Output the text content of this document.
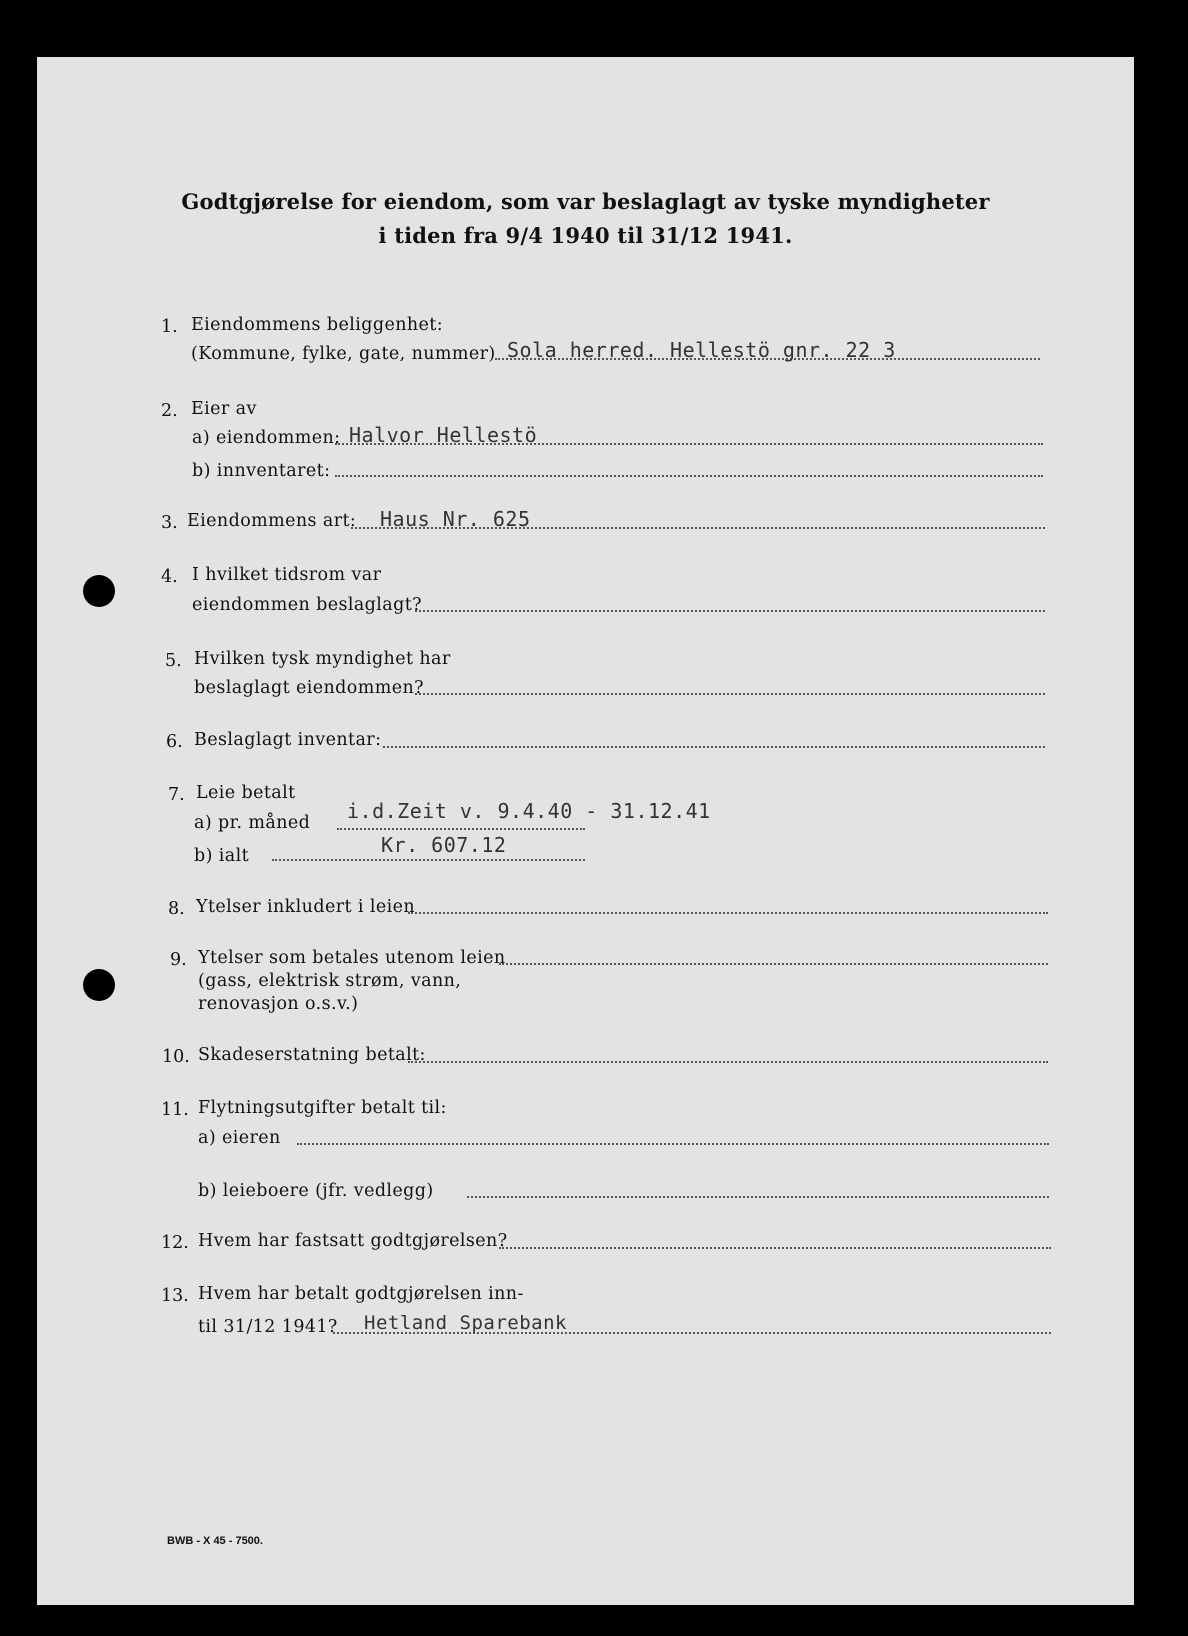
Godtgjørelse for eiendom, som var beslaglagt av tyske myndigheter
i tiden fra 9/4 1940 til 31/12 1941.
1. Eiendommens beliggenhet:
(Kommune, fylke, gate, nummer) Sola herred. Hellestö gnr. 22 3
2. Eier av
a) eiendommen: Halvor Hellestö
b) innventaret:
3. Eiendommens art: Haus Nr. 625
4. I hvilket tidsrom var
eiendommen beslaglagt?
5. Hvilken tysk myndighet har
beslaglagt eiendommen?
6. Beslaglagt inventar:
7. Leie betalt
a) pr. måned i.d.Zeit v. 9.4.40 - 31.12.41
b) ialt	Kr. 607.12
8. Ytelser inkludert i leien
9. Ytelser som betales utenom leien
(gass, elektrisk strøm, vann,
renovasjon o.s.v.)
10. Skadeserstatning betalt:
11. Flytningsutgifter betalt til:
a) eieren
b) leieboere (jfr. vedlegg)
12. Hvem har fastsatt godtgjørelsen?
13. Hvem har betalt godtgjørelsen inn-
til 31/12 1941? Hetland Sparebank
BWB - X 45 - 7500.
